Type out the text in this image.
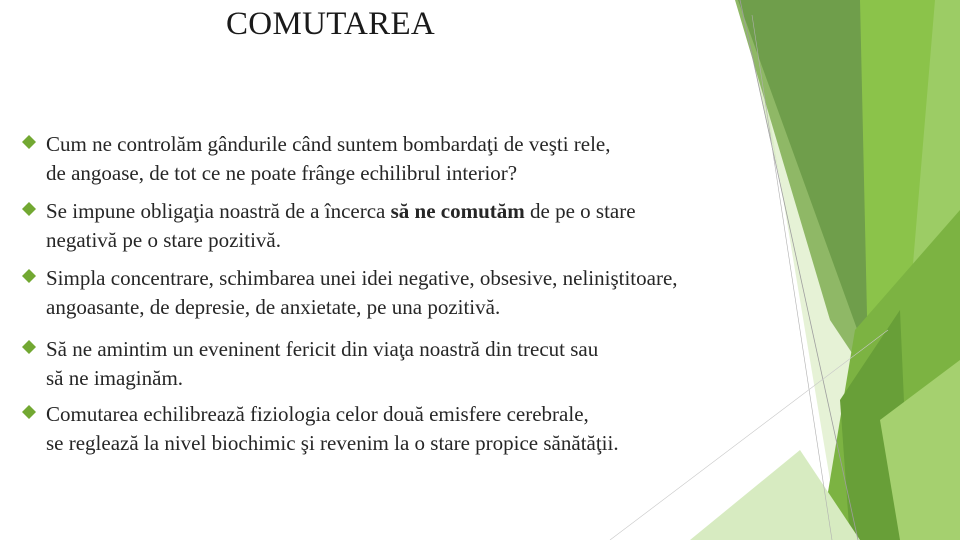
COMUTAREA
Cum ne controlăm gândurile când suntem bombardaţi de veşti rele,
de angoase, de tot ce ne poate frânge echilibrul interior?
Se impune obligaţia noastră de a încerca să ne comutăm de pe o stare
negativă pe o stare pozitivă.
Simpla concentrare, schimbarea unei idei negative, obsesive, neliniştitoare,
angoasante, de depresie, de anxietate, pe una pozitivă.
Să ne amintim un eveninent fericit din viaţa noastră din trecut sau
să ne imaginăm.
Comutarea echilibrează fiziologia celor două emisfere cerebrale,
se reglează la nivel biochimic şi revenim la o stare propice sănătăţii.
